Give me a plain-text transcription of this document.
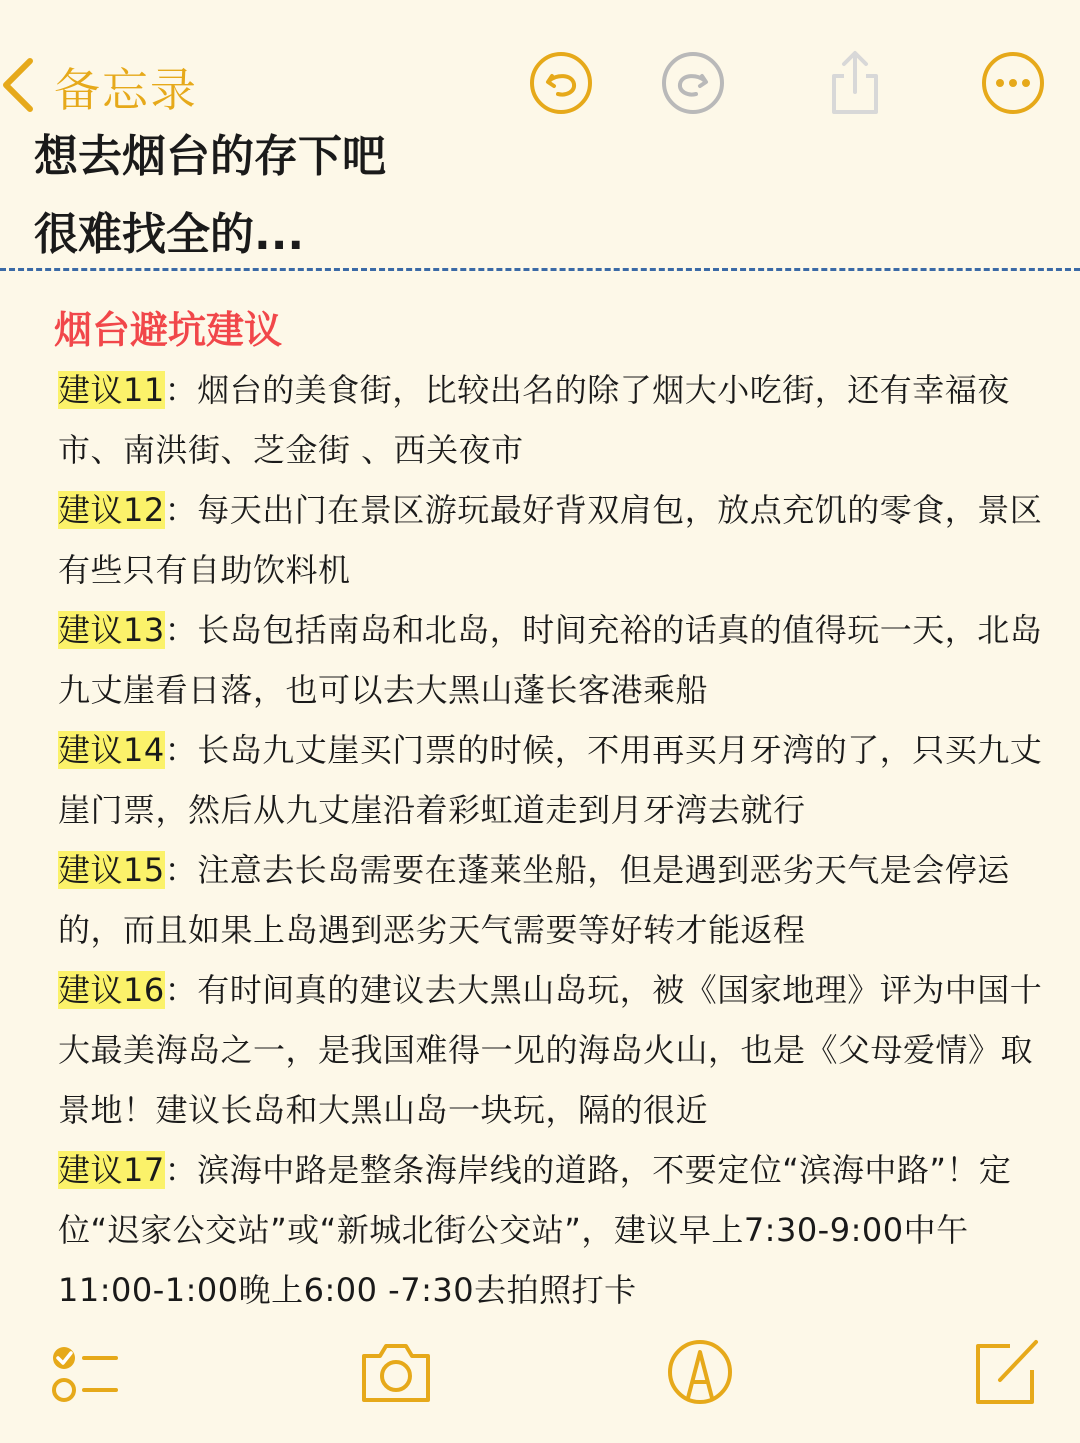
备忘录
想去烟台的存下吧
很难找全的...
烟台避坑建议

建议11：烟台的美食街，比较出名的除了烟大小吃街，还有幸福夜市、南洪街、芝金街 、西关夜市

建议12：每天出门在景区游玩最好背双肩包，放点充饥的零食，景区有些只有自助饮料机

建议13：长岛包括南岛和北岛，时间充裕的话真的值得玩一天，北岛九丈崖看日落，也可以去大黑山蓬长客港乘船

建议14：长岛九丈崖买门票的时候，不用再买月牙湾的了，只买九丈崖门票，然后从九丈崖沿着彩虹道走到月牙湾去就行

建议15：注意去长岛需要在蓬莱坐船，但是遇到恶劣天气是会停运的，而且如果上岛遇到恶劣天气需要等好转才能返程

建议16：有时间真的建议去大黑山岛玩，被《国家地理》评为中国十大最美海岛之一，是我国难得一见的海岛火山，也是《父母爱情》取景地！建议长岛和大黑山岛一块玩，隔的很近

建议17：滨海中路是整条海岸线的道路，不要定位“滨海中路”！定位“迟家公交站”或“新城北街公交站”，建议早上7:30-9:00中午11:00-1:00晚上6:00 -7:30去拍照打卡
